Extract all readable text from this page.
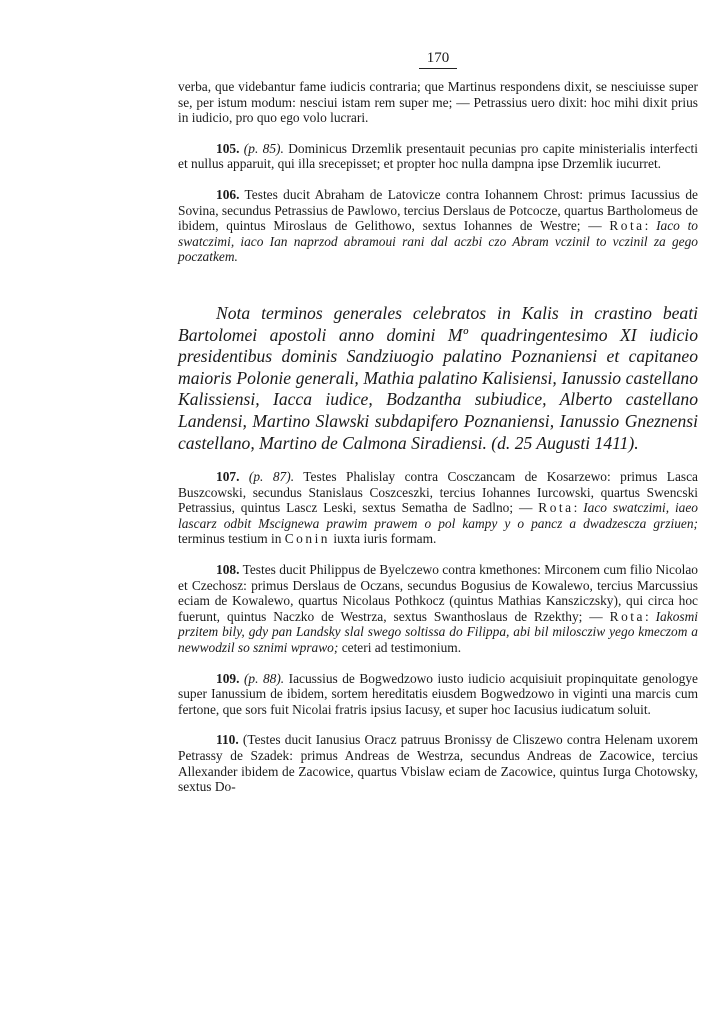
170

verba, que videbantur fame iudicis contraria; que Martinus respondens dixit, se nesciuisse super se, per istum modum: nesciui istam rem super me; — Petrassius uero dixit: hoc mihi dixit prius in iudicio, pro quo ego volo lucrari.

105. (p. 85). Dominicus Drzemlik presentauit pecunias pro capite ministerialis interfecti et nullus apparuit, qui illa srecepisset; et propter hoc nulla dampna ipse Drzemlik iucurret.

106. Testes ducit Abraham de Latovicze contra Iohannem Chrost: primus Iacussius de Sovina, secundus Petrassius de Pawlowo, tercius Derslaus de Potcocze, quartus Bartholomeus de ibidem, quintus Miroslaus de Gelithowo, sextus Iohannes de Westre; — Rota: Iaco to swatczimi, iaco Ian naprzod abramoui rani dal aczbi czo Abram vczinil to vczinil za gego poczatkem.

Nota terminos generales celebratos in Kalis in crastino beati Bartolomei apostoli anno domini Mº quadringentesimo XI iudicio presidentibus dominis Sandziuogio palatino Poznaniensi et capitaneo maioris Polonie generali, Mathia palatino Kalisiensi, Ianussio castellano Kalissiensi, Iacca iudice, Bodzantha subiudice, Alberto castellano Landensi, Martino Slawski subdapifero Poznaniensi, Ianussio Gneznensi castellano, Martino de Calmona Siradiensi. (d. 25 Augusti 1411).

107. (p. 87). Testes Phalislay contra Cosczancam de Kosarzewo: primus Lasca Buszcowski, secundus Stanislaus Coszceszki, tercius Iohannes Iurcowski, quartus Swencski Petrassius, quintus Lascz Leski, sextus Sematha de Sadlno; — Rota: Iaco swatczimi, iaeo lascarz odbit Mscignewa prawim prawem o pol kampy y o pancz a dwadzescza grziuen; terminus testium in Conin iuxta iuris formam.

108. Testes ducit Philippus de Byelczewo contra kmethones: Mirconem cum filio Nicolao et Czechosz: primus Derslaus de Oczans, secundus Bogusius de Kowalewo, tercius Marcussius eciam de Kowalewo, quartus Nicolaus Pothkocz (quintus Mathias Kansziczsky), qui circa hoc fuerunt, quintus Naczko de Westrza, sextus Swanthoslaus de Rzekthy; — Rota: Iakosmi przitem bily, gdy pan Landsky slal swego soltissa do Filippa, abi bil miloscziw yego kmeczom a newwodzil so sznimi wprawo; ceteri ad testimonium.

109. (p. 88). Iacussius de Bogwedzowo iusto iudicio acquisiuit propinquitate genologye super Ianussium de ibidem, sortem hereditatis eiusdem Bogwedzowo in viginti una marcis cum fertone, que sors fuit Nicolai fratris ipsius Iacusy, et super hoc Iacusius iudicatum soluit.

110. (Testes ducit Ianusius Oracz patruus Bronissy de Cliszewo contra Helenam uxorem Petrassy de Szadek: primus Andreas de Westrza, secundus Andreas de Zacowice, tercius Allexander ibidem de Zacowice, quartus Vbislaw eciam de Zacowice, quintus Iurga Chotowsky, sextus Do-
